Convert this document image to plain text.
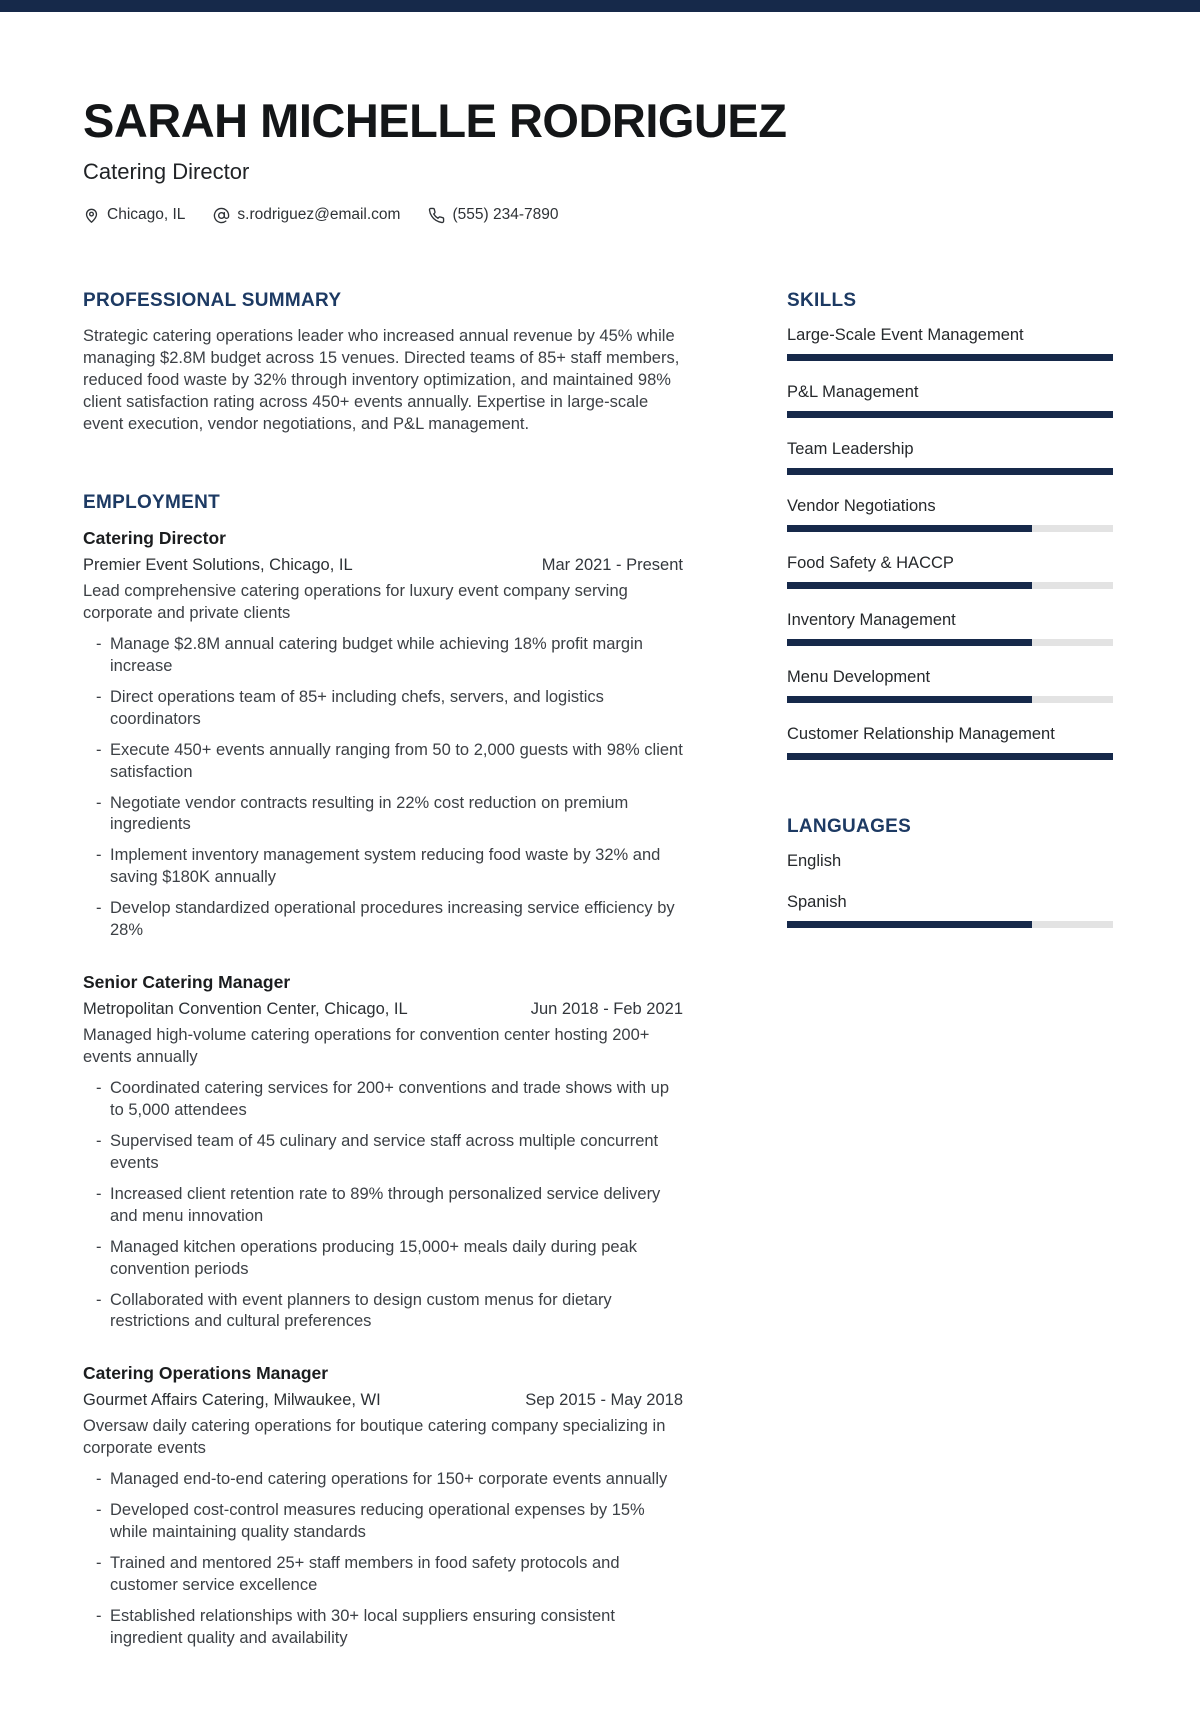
SARAH MICHELLE RODRIGUEZ
Catering Director
Chicago, IL	s.rodriguez@email.com	(555) 234-7890
PROFESSIONAL SUMMARY

Strategic catering operations leader who increased annual revenue by 45% while managing $2.8M budget across 15 venues. Directed teams of 85+ staff members, reduced food waste by 32% through inventory optimization, and maintained 98% client satisfaction rating across 450+ events annually. Expertise in large-scale event execution, vendor negotiations, and P&L management.

EMPLOYMENT
Catering Director
Premier Event Solutions, Chicago, IL	Mar 2021 - Present

Lead comprehensive catering operations for luxury event company serving corporate and private clients

- Manage $2.8M annual catering budget while achieving 18% profit margin increase
- Direct operations team of 85+ including chefs, servers, and logistics coordinators
- Execute 450+ events annually ranging from 50 to 2,000 guests with 98% client satisfaction
- Negotiate vendor contracts resulting in 22% cost reduction on premium ingredients
- Implement inventory management system reducing food waste by 32% and saving $180K annually
- Develop standardized operational procedures increasing service efficiency by 28%
Senior Catering Manager
Metropolitan Convention Center, Chicago, IL	Jun 2018 - Feb 2021

Managed high-volume catering operations for convention center hosting 200+ events annually

- Coordinated catering services for 200+ conventions and trade shows with up to 5,000 attendees
- Supervised team of 45 culinary and service staff across multiple concurrent events
- Increased client retention rate to 89% through personalized service delivery and menu innovation
- Managed kitchen operations producing 15,000+ meals daily during peak convention periods
- Collaborated with event planners to design custom menus for dietary restrictions and cultural preferences
Catering Operations Manager
Gourmet Affairs Catering, Milwaukee, WI	Sep 2015 - May 2018

Oversaw daily catering operations for boutique catering company specializing in corporate events

- Managed end-to-end catering operations for 150+ corporate events annually
- Developed cost-control measures reducing operational expenses by 15% while maintaining quality standards
- Trained and mentored 25+ staff members in food safety protocols and customer service excellence
- Established relationships with 30+ local suppliers ensuring consistent ingredient quality and availability
SKILLS
Large-Scale Event Management
P&L Management
Team Leadership
Vendor Negotiations
Food Safety & HACCP
Inventory Management
Menu Development
Customer Relationship Management
LANGUAGES
English
Spanish
